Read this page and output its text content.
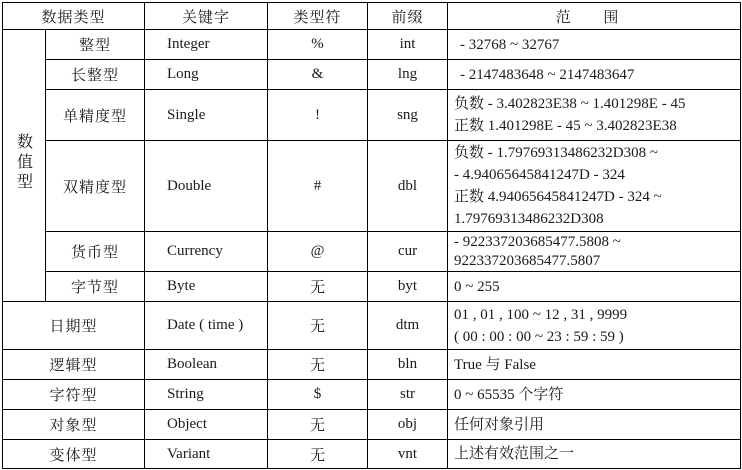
数据类型		关键字	类型符	前缀	范 围
数值型	整型	Integer	%	int	- 32768 ~ 32767

	长整型	Long	&	lng	- 2147483648 ~ 2147483647

	单精度型	Single	!	sng	负数 - 3.402823E38 ~ 1.401298E - 45
正数 1.401298E - 45 ~ 3.402823E38

	双精度型	Double	#	dbl	负数 - 1.79769313486232D308 ~
- 4.94065645841247D - 324
正数 4.94065645841247D - 324 ~
1.79769313486232D308

	货币型	Currency	@	cur	- 922337203685477.5808 ~
922337203685477.5807

	字节型	Byte	无	byt	0 ~ 255

日期型		Date ( time )	无	dtm	01 , 01 , 100 ~ 12 , 31 , 9999
( 00 : 00 : 00 ~ 23 : 59 : 59 )

逻辑型		Boolean	无	bln	True 与 False

字符型		String	$	str	0 ~ 65535 个字符

对象型		Object	无	obj	任何对象引用

变体型		Variant	无	vnt	上述有效范围之一
